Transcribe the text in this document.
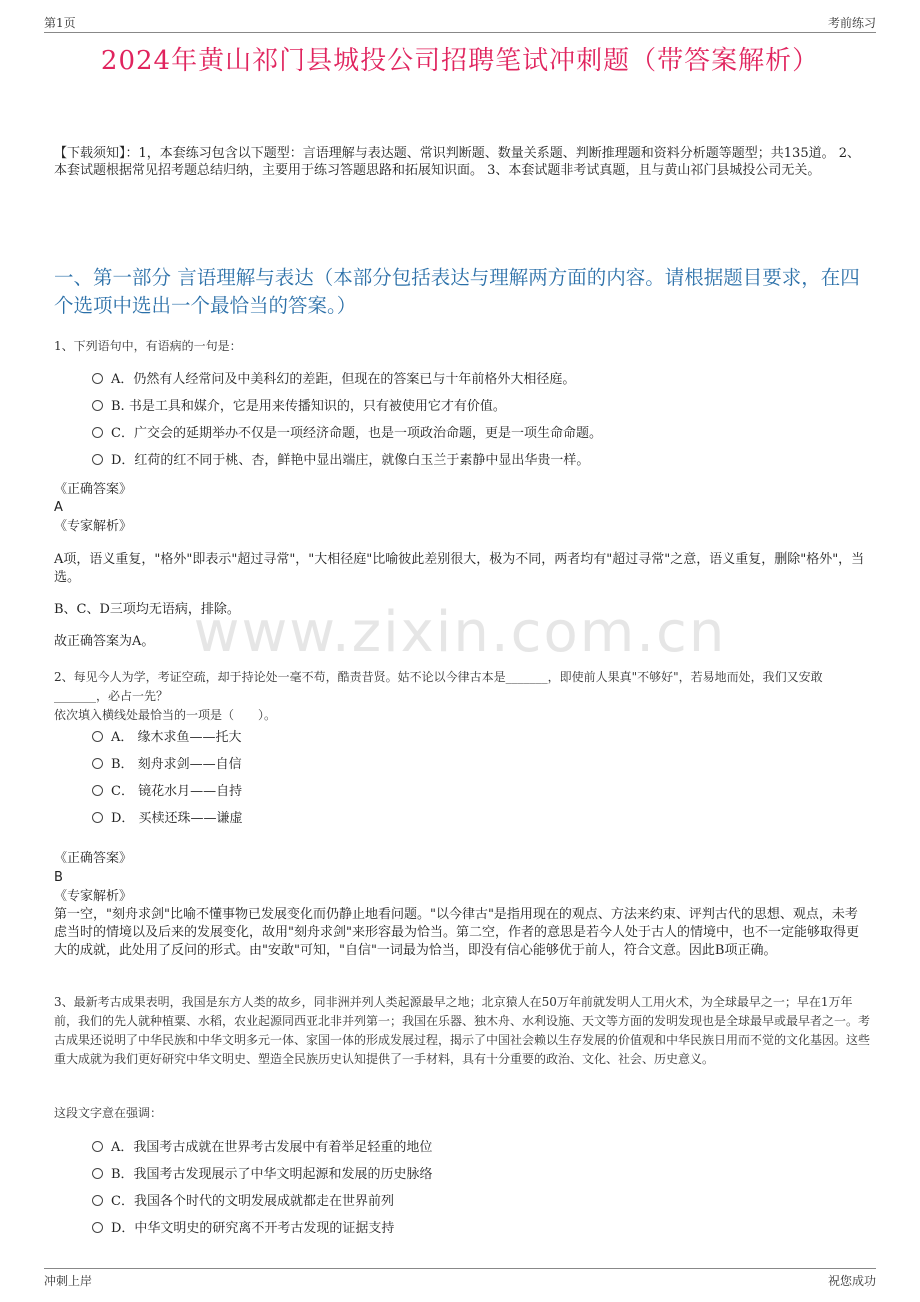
第1页	考前练习
2024年黄山祁门县城投公司招聘笔试冲刺题（带答案解析）
【下载须知】：1，本套练习包含以下题型：言语理解与表达题、常识判断题、数量关系题、判断推理题和资料分析题等题型；共135道。 2、本套试题根据常见招考题总结归纳，主要用于练习答题思路和拓展知识面。 3、本套试题非考试真题，且与黄山祁门县城投公司无关。
一、第一部分 言语理解与表达（本部分包括表达与理解两方面的内容。请根据题目要求，在四个选项中选出一个最恰当的答案。）
www.zixin.com.cn
1、下列语句中，有语病的一句是：
A．仍然有人经常问及中美科幻的差距，但现在的答案已与十年前格外大相径庭。
B. 书是工具和媒介，它是用来传播知识的，只有被使用它才有价值。
C．广交会的延期举办不仅是一项经济命题，也是一项政治命题，更是一项生命命题。
D．红荷的红不同于桃、杏，鲜艳中显出端庄，就像白玉兰于素静中显出华贵一样。
《正确答案》
A
《专家解析》
A项，语义重复，"格外"即表示"超过寻常"，"大相径庭"比喻彼此差别很大，极为不同，两者均有"超过寻常"之意，语义重复，删除"格外"，当选。
B、C、D三项均无语病，排除。
故正确答案为A。
2、每见今人为学，考证空疏，却于持论处一毫不苟，酷责昔贤。姑不论以今律古本是_______，即使前人果真"不够好"，若易地而处，我们又安敢_______，必占一先？
依次填入横线处最恰当的一项是（　　）。
A． 缘木求鱼——托大
B． 刻舟求剑——自信
C． 镜花水月——自持
D． 买椟还珠——谦虚
《正确答案》
B
《专家解析》
第一空，"刻舟求剑"比喻不懂事物已发展变化而仍静止地看问题。"以今律古"是指用现在的观点、方法来约束、评判古代的思想、观点，未考虑当时的情境以及后来的发展变化，故用"刻舟求剑"来形容最为恰当。第二空，作者的意思是若今人处于古人的情境中，也不一定能够取得更大的成就，此处用了反问的形式。由"安敢"可知，"自信"一词最为恰当，即没有信心能够优于前人，符合文意。因此B项正确。
3、最新考古成果表明，我国是东方人类的故乡，同非洲并列人类起源最早之地；北京猿人在50万年前就发明人工用火术，为全球最早之一；早在1万年前，我们的先人就种植粟、水稻，农业起源同西亚北非并列第一；我国在乐器、独木舟、水利设施、天文等方面的发明发现也是全球最早或最早者之一。考古成果还说明了中华民族和中华文明多元一体、家国一体的形成发展过程，揭示了中国社会赖以生存发展的价值观和中华民族日用而不觉的文化基因。这些重大成就为我们更好研究中华文明史、塑造全民族历史认知提供了一手材料，具有十分重要的政治、文化、社会、历史意义。
这段文字意在强调：
A．我国考古成就在世界考古发展中有着举足轻重的地位
B．我国考古发现展示了中华文明起源和发展的历史脉络
C．我国各个时代的文明发展成就都走在世界前列
D．中华文明史的研究离不开考古发现的证据支持
冲刺上岸	祝您成功
